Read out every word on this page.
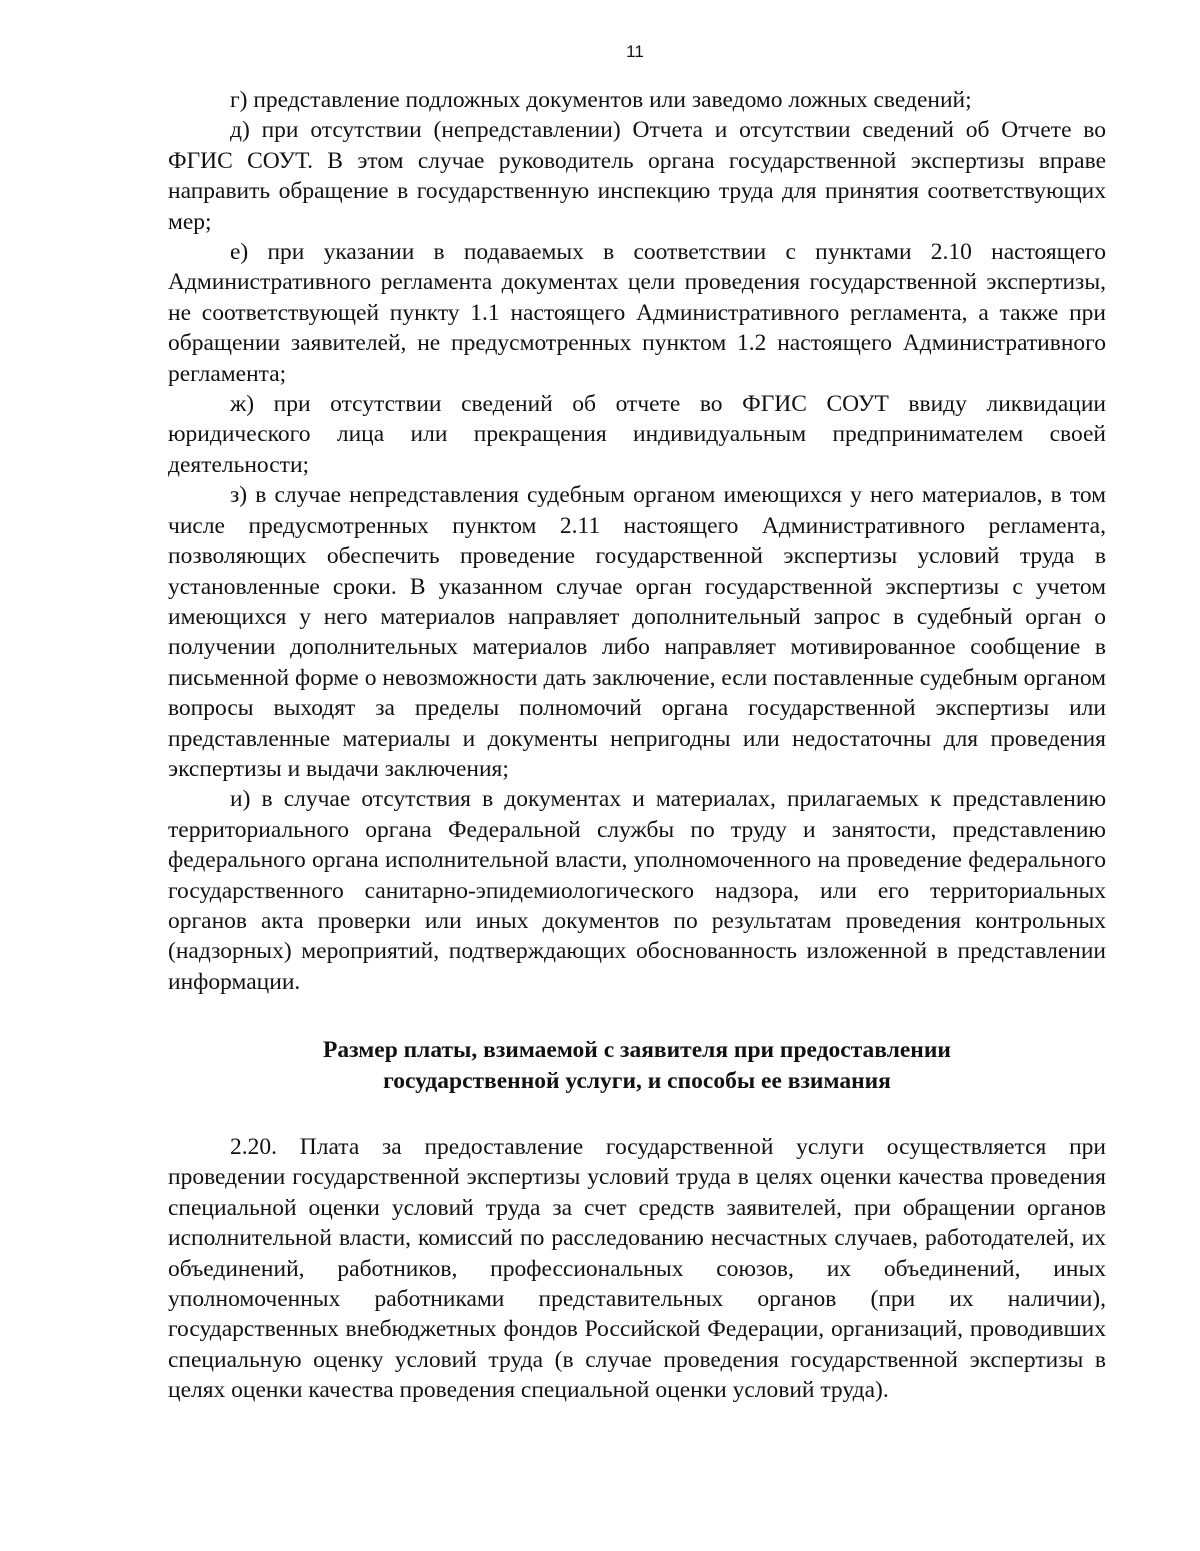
11

г) представление подложных документов или заведомо ложных сведений;

д) при отсутствии (непредставлении) Отчета и отсутствии сведений об Отчете во ФГИС СОУТ. В этом случае руководитель органа государственной экспертизы вправе направить обращение в государственную инспекцию труда для принятия соответствующих мер;

е) при указании в подаваемых в соответствии с пунктами 2.10 настоящего Административного регламента документах цели проведения государственной экспертизы, не соответствующей пункту 1.1 настоящего Административного регламента, а также при обращении заявителей, не предусмотренных пунктом 1.2 настоящего Административного регламента;

ж) при отсутствии сведений об отчете во ФГИС СОУТ ввиду ликвидации юридического лица или прекращения индивидуальным предпринимателем своей деятельности;

з) в случае непредставления судебным органом имеющихся у него материалов, в том числе предусмотренных пунктом 2.11 настоящего Административного регламента, позволяющих обеспечить проведение государственной экспертизы условий труда в установленные сроки. В указанном случае орган государственной экспертизы с учетом имеющихся у него материалов направляет дополнительный запрос в судебный орган о получении дополнительных материалов либо направляет мотивированное сообщение в письменной форме о невозможности дать заключение, если поставленные судебным органом вопросы выходят за пределы полномочий органа государственной экспертизы или представленные материалы и документы непригодны или недостаточны для проведения экспертизы и выдачи заключения;

и) в случае отсутствия в документах и материалах, прилагаемых к представлению территориального органа Федеральной службы по труду и занятости, представлению федерального органа исполнительной власти, уполномоченного на проведение федерального государственного санитарно-эпидемиологического надзора, или его территориальных органов акта проверки или иных документов по результатам проведения контрольных (надзорных) мероприятий, подтверждающих обоснованность изложенной в представлении информации.

Размер платы, взимаемой с заявителя при предоставлении
государственной услуги, и способы ее взимания

2.20. Плата за предоставление государственной услуги осуществляется при проведении государственной экспертизы условий труда в целях оценки качества проведения специальной оценки условий труда за счет средств заявителей, при обращении органов исполнительной власти, комиссий по расследованию несчастных случаев, работодателей, их объединений, работников, профессиональных союзов, их объединений, иных уполномоченных работниками представительных органов (при их наличии), государственных внебюджетных фондов Российской Федерации, организаций, проводивших специальную оценку условий труда (в случае проведения государственной экспертизы в целях оценки качества проведения специальной оценки условий труда).
